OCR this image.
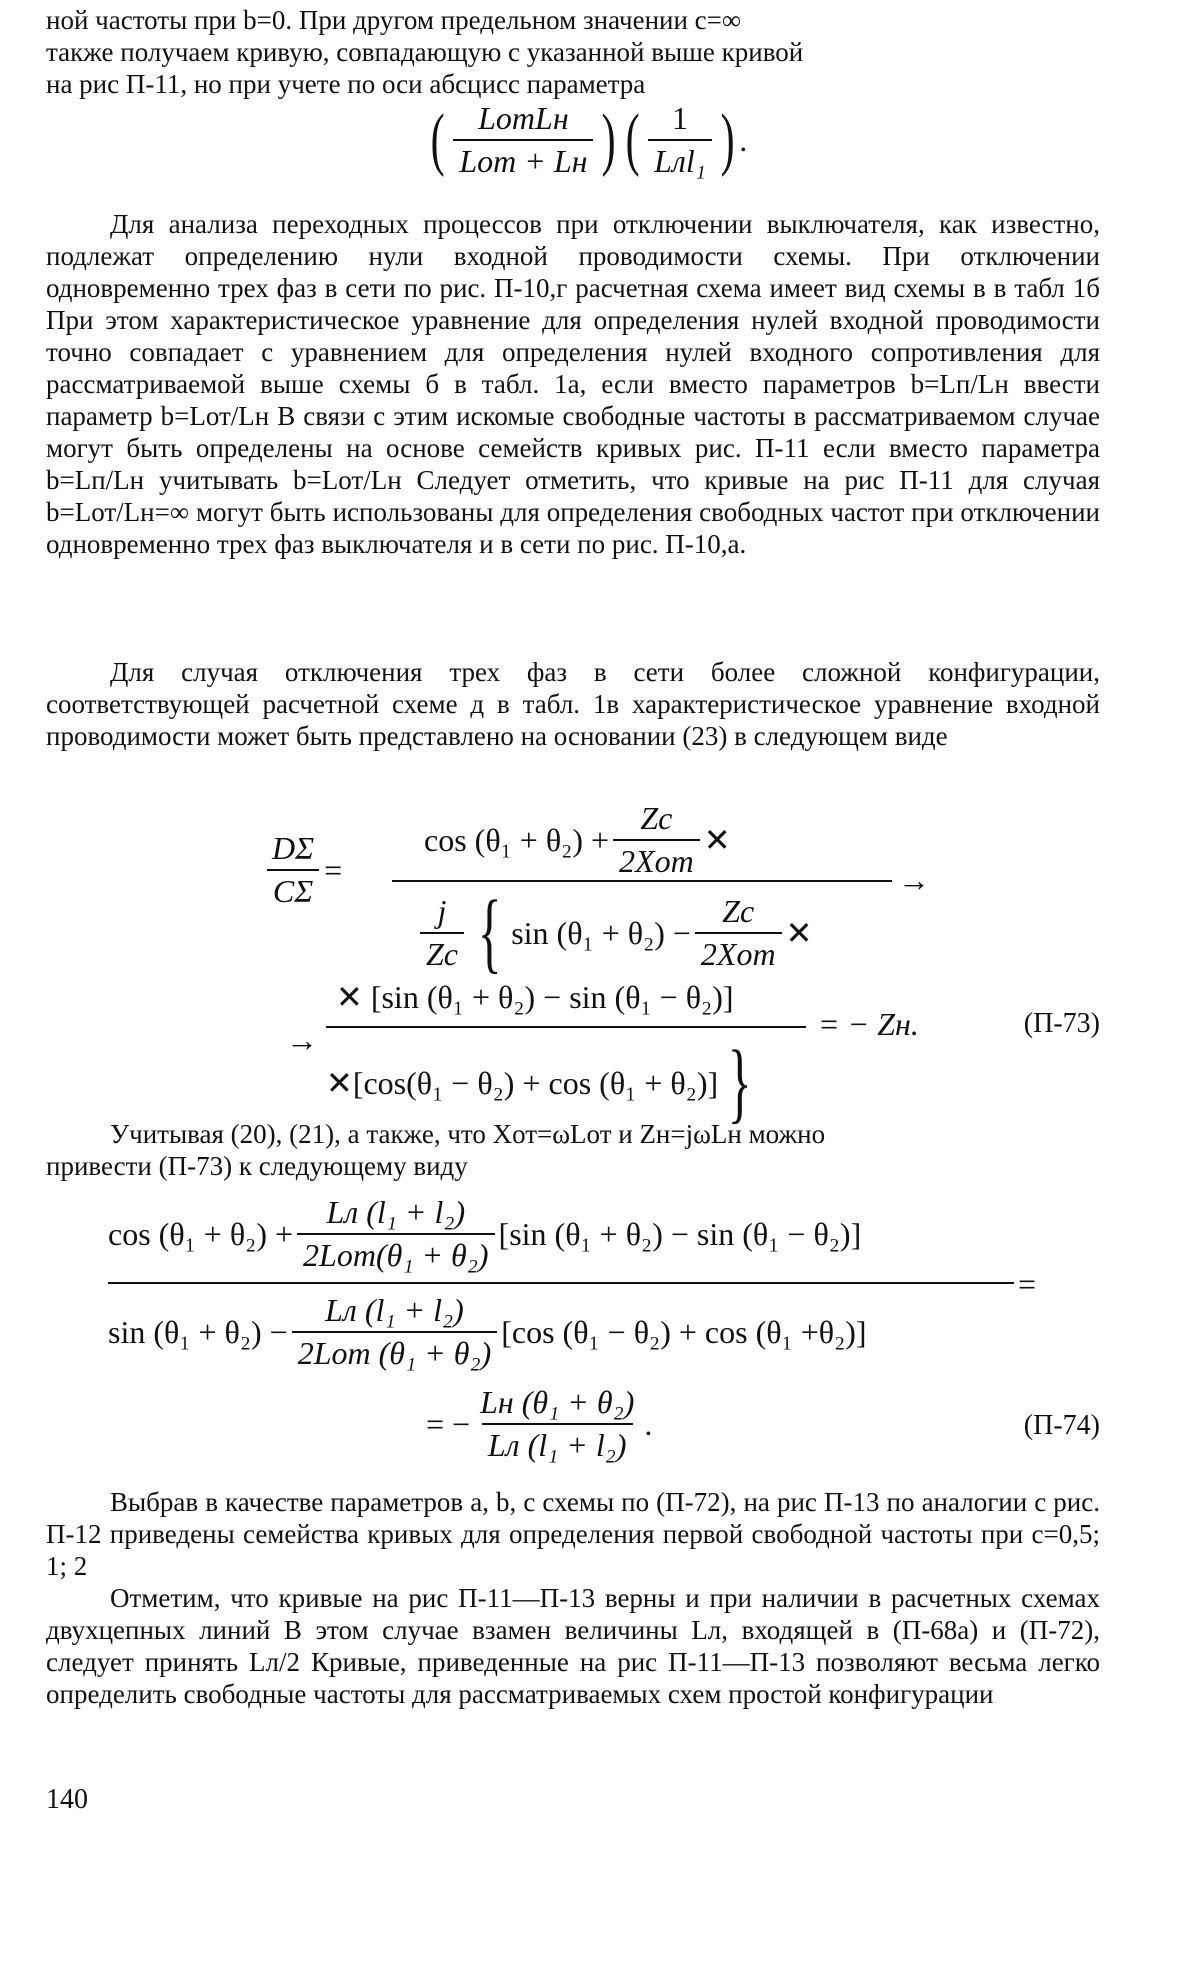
ной частоты при b=0. При другом предельном значении c=∞

также получаем кривую, совпадающую с указанной выше кривой

на рис П-11, но при учете по оси абсцисс параметра

( $\frac{\text{LотLн}}{\text{Lот + Lн}}$ ) ( $\frac{1}{\text{Lлl₁}}$ ) .

Для анализа переходных процессов при отключении выключателя, как известно, подлежат определению нули входной проводимости схемы. При отключении одновременно трех фаз в сети по рис. П-10,г расчетная схема имеет вид схемы в в табл 1б При этом характеристическое уравнение для определения нулей входной проводимости точно совпадает с уравнением для определения нулей входного сопротивления для рассматриваемой выше схемы б в табл. 1а, если вместо параметров b=Lп/Lн ввести параметр b=Lот/Lн В связи с этим искомые свободные частоты в рассматриваемом случае могут быть определены на основе семейств кривых рис. П-11 если вместо параметра b=Lп/Lн учитывать b=Lот/Lн Следует отметить, что кривые на рис П-11 для случая b=Lот/Lн=∞ могут быть использованы для определения свободных частот при отключении одновременно трех фаз выключателя и в сети по рис. П-10,a.

Для случая отключения трех фаз в сети более сложной конфигурации, соответствующей расчетной схеме д в табл. 1в характеристическое уравнение входной проводимости может быть представлено на основании (23) в следующем виде

$\frac{D\Sigma}{C\Sigma}$ =
$\cos (\theta_1 + \theta_2) + \frac{Zc}{\text{2Xот}}$ ✕
$\frac{j}{Zc}$ { $\sin (\theta_1 + \theta_2) - \frac{Zc}{\text{2Xот}}$ ✕
→
→
✕ [sin (θ₁ + θ₂) − sin (θ₁ − θ₂)]
✕[cos(θ₁ − θ₂) + cos (θ₁ + θ₂)] }
= − Zн.	(П-73)

Учитывая (20), (21), а также, что Xот=ωLот и Zн=jωLн можно

привести (П-73) к следующему виду

$\cos (\theta_1 + \theta_2) + \frac{\text{Lл (l₁ + l₂)}}{\text{2Lот(θ₁ + θ₂)}} [\sin$ (θ₁ + θ₂) − sin (θ₁ − θ₂)]
=
$\sin (\theta_1 + \theta_2) - \frac{\text{Lл (l₁ + l₂)}}{\text{2Lот (θ₁ + θ₂)}} [\cos$ (θ₁ − θ₂) + cos (θ₁ +θ₂)]
= − $\frac{\text{Lн (θ₁ + θ₂)}}{\text{Lл (l₁ + l₂)}}$ .	(П-74)

Выбрав в качестве параметров a, b, c схемы по (П-72), на рис П-13 по аналогии с рис. П-12 приведены семейства кривых для определения первой свободной частоты при c=0,5; 1; 2

Отметим, что кривые на рис П-11—П-13 верны и при наличии в расчетных схемах двухцепных линий В этом случае взамен величины Lл, входящей в (П-68а) и (П-72), следует принять Lл/2 Кривые, приведенные на рис П-11—П-13 позволяют весьма легко определить свободные частоты для рассматриваемых схем простой конфигурации

140
